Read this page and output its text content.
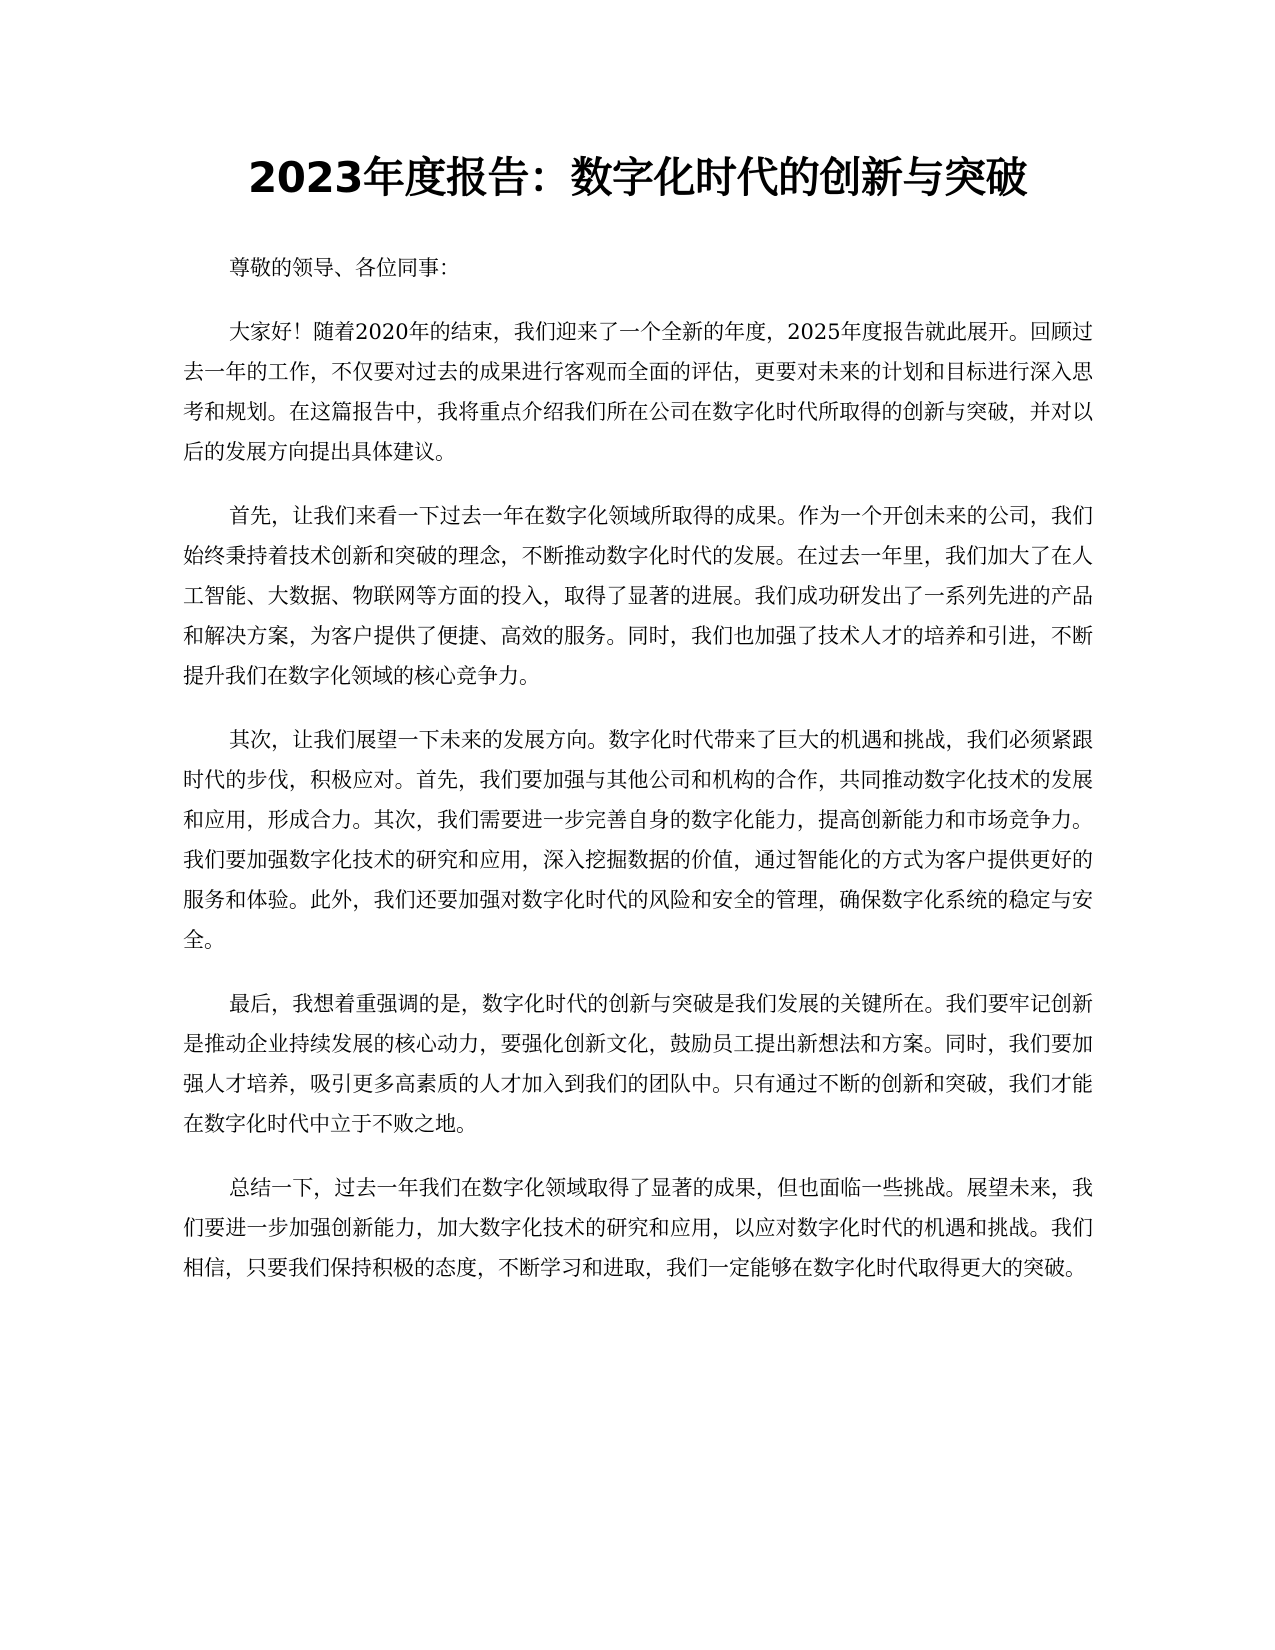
2023年度报告：数字化时代的创新与突破

尊敬的领导、各位同事：

大家好！随着2020年的结束，我们迎来了一个全新的年度，2025年度报告就此展开。回顾过去一年的工作，不仅要对过去的成果进行客观而全面的评估，更要对未来的计划和目标进行深入思考和规划。在这篇报告中，我将重点介绍我们所在公司在数字化时代所取得的创新与突破，并对以后的发展方向提出具体建议。

首先，让我们来看一下过去一年在数字化领域所取得的成果。作为一个开创未来的公司，我们始终秉持着技术创新和突破的理念，不断推动数字化时代的发展。在过去一年里，我们加大了在人工智能、大数据、物联网等方面的投入，取得了显著的进展。我们成功研发出了一系列先进的产品和解决方案，为客户提供了便捷、高效的服务。同时，我们也加强了技术人才的培养和引进，不断提升我们在数字化领域的核心竞争力。

其次，让我们展望一下未来的发展方向。数字化时代带来了巨大的机遇和挑战，我们必须紧跟时代的步伐，积极应对。首先，我们要加强与其他公司和机构的合作，共同推动数字化技术的发展和应用，形成合力。其次，我们需要进一步完善自身的数字化能力，提高创新能力和市场竞争力。我们要加强数字化技术的研究和应用，深入挖掘数据的价值，通过智能化的方式为客户提供更好的服务和体验。此外，我们还要加强对数字化时代的风险和安全的管理，确保数字化系统的稳定与安全。

最后，我想着重强调的是，数字化时代的创新与突破是我们发展的关键所在。我们要牢记创新是推动企业持续发展的核心动力，要强化创新文化，鼓励员工提出新想法和方案。同时，我们要加强人才培养，吸引更多高素质的人才加入到我们的团队中。只有通过不断的创新和突破，我们才能在数字化时代中立于不败之地。

总结一下，过去一年我们在数字化领域取得了显著的成果，但也面临一些挑战。展望未来，我们要进一步加强创新能力，加大数字化技术的研究和应用，以应对数字化时代的机遇和挑战。我们相信，只要我们保持积极的态度，不断学习和进取，我们一定能够在数字化时代取得更大的突破。
